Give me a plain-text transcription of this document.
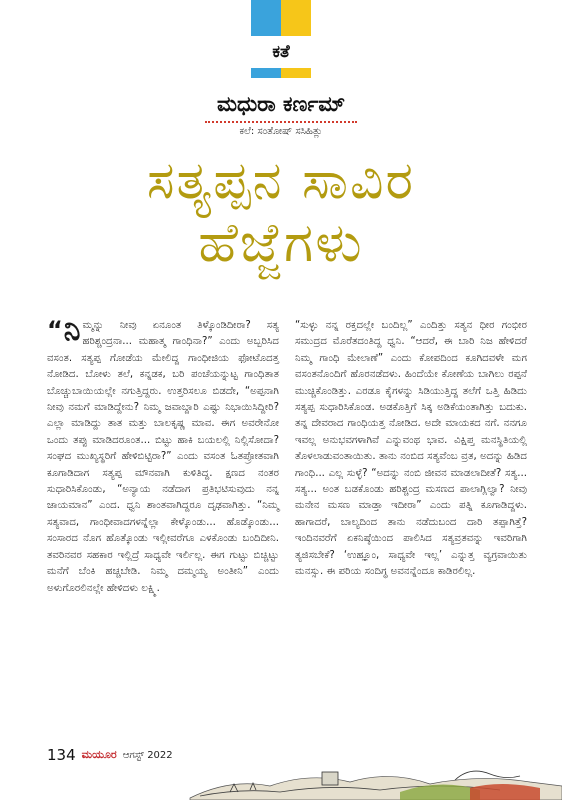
ಕತೆ
ಮಧುರಾ ಕರ್ಣಮ್
ಕಲೆ: ಸಂತೋಷ್ ಸಸಿಹಿತ್ಲು
ಸತ್ಯಪ್ಪನ ಸಾವಿರ
ಹೆಜ್ಜೆಗಳು

“ ನಿ ಮ್ಮನ್ನು ನೀವು ಏನೂಂತ ತಿಳ್ಕೊಂಡಿದೀರಾ? ಸತ್ಯ ಹರಿಶ್ಚಂದ್ರನಾ... ಮಹಾತ್ಮ ಗಾಂಧಿನಾ?” ಎಂದು ಅಬ್ಬರಿಸಿದ ವಸಂತ. ಸತ್ಯಪ್ಪ ಗೋಡೆಯ ಮೇಲಿದ್ದ ಗಾಂಧೀಜಿಯ ಫೋಟೊದತ್ತ ನೋಡಿದ. ಬೋಳು ತಲೆ, ಕನ್ನಡಕ, ಬರಿ ಪಂಚೆಯನ್ನುಟ್ಟ ಗಾಂಧಿತಾತ ಬೊಚ್ಚುಬಾಯಿಯಲ್ಲೇ ನಗುತ್ತಿದ್ದರು. ಉತ್ತರಿಸಲೂ ಬಿಡದೇ, “ಅಪ್ಪನಾಗಿ ನೀವು ನಮಗೆ ಮಾಡಿದ್ದೇನು? ನಿಮ್ಮ ಜವಾಬ್ದಾರಿ ಎಷ್ಟು ನಿಭಾಯಿಸಿದ್ದೀರಿ? ಎಲ್ಲಾ ಮಾಡಿದ್ದು ತಾತ ಮತ್ತು ಬಾಲಕೃಷ್ಣ ಮಾವ. ಈಗ ಅವರೇನೋ ಒಂದು ತಪ್ಪು ಮಾಡಿದರೂಂತ... ಬಿಟ್ಟು ಹಾಕಿ ಬಯಲಲ್ಲಿ ನಿಲ್ಲಿಸೋದಾ? ಸಂಘದ ಮುಖ್ಯಸ್ಥರಿಗೆ ಹೇಳಿಬಿಟ್ಟಿರಾ?” ಎಂದು ವಸಂತ ಓತಪ್ರೋತವಾಗಿ ಕೂಗಾಡಿದಾಗ ಸತ್ಯಪ್ಪ ಮೌನವಾಗಿ ಕುಳಿತಿದ್ದ. ಕ್ಷಣದ ನಂತರ ಸುಧಾರಿಸಿಕೊಂಡು, “ಅನ್ಯಾಯ ನಡೆದಾಗ ಪ್ರತಿಭಟಿಸುವುದು ನನ್ನ ಜಾಯಮಾನ” ಎಂದ. ಧ್ವನಿ ಶಾಂತವಾಗಿದ್ದರೂ ದೃಢವಾಗಿತ್ತು. “ನಿಮ್ಮ ಸತ್ಯವಾದ, ಗಾಂಧೀವಾದಗಳನ್ನೆಲ್ಲಾ ಕೇಳ್ಕೊಂಡು... ಹೊಡ್ಕೊಂಡು... ಸಂಸಾರದ ನೊಗ ಹೊತ್ಕೊಂಡು ಇಲ್ಲೀವರೆಗೂ ಎಳಕೊಂಡು ಬಂದಿದೀನಿ. ತವರಿನವರ ಸಹಕಾರ ಇಲ್ಲಿದ್ರೆ ಸಾಧ್ಯವೇ ಇರ್ಲಿಲ್ಲ. ಈಗ ಗುಟ್ಟು ಬಿಚ್ಚಿಟ್ಟು ಮನೆಗೆ ಬೆಂಕಿ ಹಚ್ಚಬೇಡಿ. ನಿಮ್ಮ ದಮ್ಮಯ್ಯ ಅಂತೀನಿ” ಎಂದು ಅಳುಗೊರಲಿನಲ್ಲೇ ಹೇಳಿದಳು ಲಕ್ಷ್ಮಿ.

“ಸುಳ್ಳು ನನ್ನ ರಕ್ತದಲ್ಲೇ ಬಂದಿಲ್ಲ” ಎಂದಿತ್ತು ಸತ್ಯನ ಧೀರ ಗಂಭೀರ ಸಮುದ್ರದ ಮೊರೆತದಂತಿದ್ದ ಧ್ವನಿ. “ಆದರೆ, ಈ ಬಾರಿ ನಿಜ ಹೇಳಿದರೆ ನಿಮ್ಮ ಗಾಂಧಿ ಮೇಲಾಣೆ” ಎಂದು ಕೋಪದಿಂದ ಕೂಗಿದವಳೇ ಮಗ ವಸಂತನೊಂದಿಗೆ ಹೊರನಡೆದಳು. ಹಿಂದೆಯೇ ಕೋಣೆಯ ಬಾಗಿಲು ರಪ್ಪನೆ ಮುಚ್ಚಿಕೊಂಡಿತ್ತು. ಎರಡೂ ಕೈಗಳನ್ನು ಸಿಡಿಯುತ್ತಿದ್ದ ತಲೆಗೆ ಒತ್ತಿ ಹಿಡಿದು ಸತ್ಯಪ್ಪ ಸುಧಾರಿಸಿಕೊಂಡ. ಅಡಕೊತ್ತಿಗೆ ಸಿಕ್ಕ ಅಡಿಕೆಯಂತಾಗಿತ್ತು ಬದುಕು. ತನ್ನ ದೇವರಾದ ಗಾಂಧಿಯತ್ತ ನೋಡಿದ. ಅದೇ ಮಾಯಕದ ನಗೆ. ನನಗೂ ಇವಲ್ಲ ಅನುಭವಗಳಾಗಿವೆ ಎನ್ನುವಂಥ ಭಾವ. ವಿಕ್ಷಿಪ್ತ ಮನಸ್ಥಿತಿಯಲ್ಲಿ ತೊಳಲಾಡುವಂತಾಯಿತು. ತಾನು ನಂಬಿದ ಸತ್ಯವೆಂಬ ವ್ರತ, ಅದನ್ನು ಹಿಡಿದ ಗಾಂಧಿ... ಎಲ್ಲ ಸುಳ್ಳೆ? “ಅದನ್ನು ನಂಬಿ ಜೀವನ ಮಾಡಲಾದೀತೆ? ಸತ್ಯ... ಸತ್ಯ... ಅಂತ ಬಡಕೊಂಡು ಹರಿಶ್ಚಂದ್ರ ಮಸಣದ ಪಾಲಾಗ್ಲಿಲ್ವಾ? ನೀವು ಮನೇನ ಮಸಣ ಮಾಡ್ತಾ ಇದೀರಾ” ಎಂದು ಪತ್ನಿ ಕೂಗಾಡಿದ್ದಳು. ಹಾಗಾದರೆ, ಬಾಲ್ಯದಿಂದ ತಾನು ನಡೆದುಬಂದ ದಾರಿ ತಪ್ಪಾಗಿತ್ತೆ? ಇಂದಿನವರೆಗೆ ಏಕನಿಷ್ಠೆಯಿಂದ ಪಾಲಿಸಿದ ಸತ್ಯವ್ರತವನ್ನು ಇವರಿಗಾಗಿ ತ್ಯಜಿಸಬೇಕೆ? ‘ಉಹ್ಞೂಂ, ಸಾಧ್ಯವೇ ಇಲ್ಲ’ ಎನ್ನುತ್ತ ವ್ಯಗ್ರವಾಯಿತು ಮನಸ್ಸು. ಈ ಪರಿಯ ಸಂದಿಗ್ಧ ಅವನನ್ನೆಂದೂ ಕಾಡಿರಲಿಲ್ಲ.

134 ಮಯೂರ ಆಗಸ್ಟ್ 2022
